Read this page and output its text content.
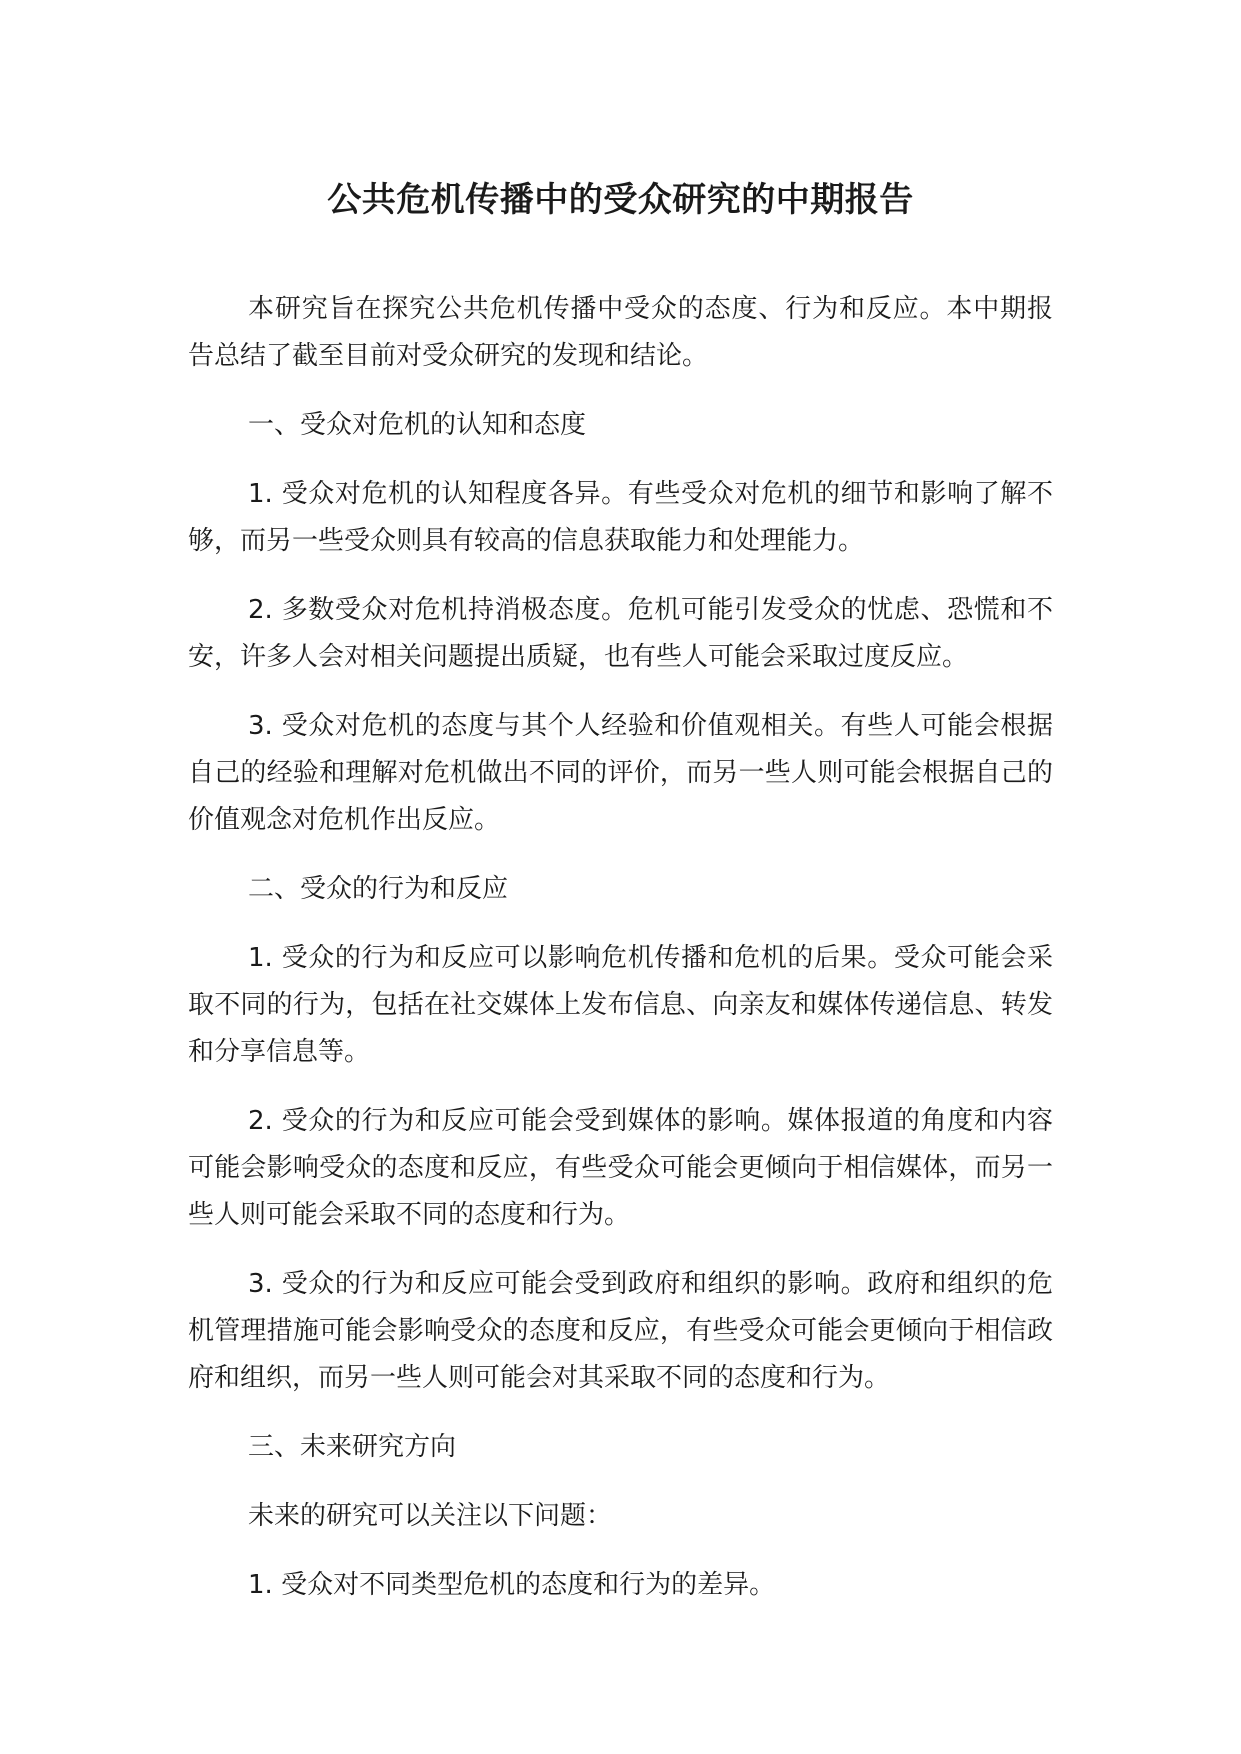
公共危机传播中的受众研究的中期报告

本研究旨在探究公共危机传播中受众的态度、行为和反应。本中期报告总结了截至目前对受众研究的发现和结论。

一、受众对危机的认知和态度

1. 受众对危机的认知程度各异。有些受众对危机的细节和影响了解不够，而另一些受众则具有较高的信息获取能力和处理能力。

2. 多数受众对危机持消极态度。危机可能引发受众的忧虑、恐慌和不安，许多人会对相关问题提出质疑，也有些人可能会采取过度反应。

3. 受众对危机的态度与其个人经验和价值观相关。有些人可能会根据自己的经验和理解对危机做出不同的评价，而另一些人则可能会根据自己的价值观念对危机作出反应。

二、受众的行为和反应

1. 受众的行为和反应可以影响危机传播和危机的后果。受众可能会采取不同的行为，包括在社交媒体上发布信息、向亲友和媒体传递信息、转发和分享信息等。

2. 受众的行为和反应可能会受到媒体的影响。媒体报道的角度和内容可能会影响受众的态度和反应，有些受众可能会更倾向于相信媒体，而另一些人则可能会采取不同的态度和行为。

3. 受众的行为和反应可能会受到政府和组织的影响。政府和组织的危机管理措施可能会影响受众的态度和反应，有些受众可能会更倾向于相信政府和组织，而另一些人则可能会对其采取不同的态度和行为。

三、未来研究方向

未来的研究可以关注以下问题：

1. 受众对不同类型危机的态度和行为的差异。
